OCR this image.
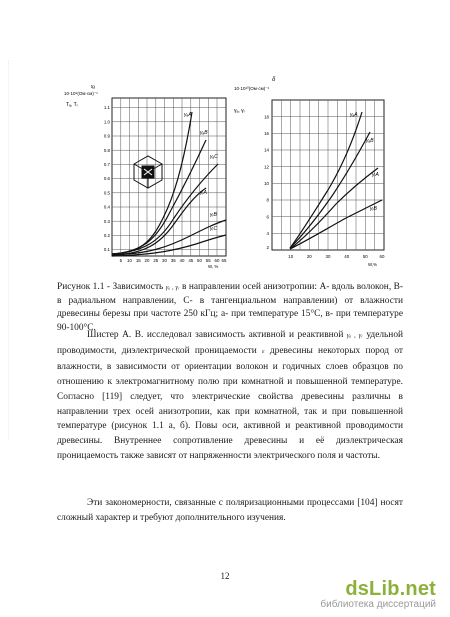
tg
10·10⁹(Ом·см)⁻¹
Tₐ, Tᵣ	1.1
1.0
0.9
0.8
0.7
0.6
0.5
0.4
0.3
0.2
0.1
5 10 15 20 25 30 35 40 45 50 55 60 65
W, %
γₐA
γₐB
γₐC
γᵣA
γᵣB
γᵣC
δ
10·10¹⁰(Ом·см)⁻¹
γₐ, γᵣ
18
16
14
12
10
8
6
4
2
10	20	30	40	50	60
W,%
γₐA
γₐB
γᵣA
γᵣB
Рисунок 1.1 - Зависимость γₐ , γᵣ в направлении осей анизотропии: А- вдоль волокон, В- в радиальном направлении, С- в тангенциальном направлении) от влажности древесины березы при частоте 250 кГц; а- при температуре 15°С, в- при температуре 90-100°С.
Шистер А. В. исследовал зависимость активной и реактивной γₐ , γᵣ удельной проводимости, диэлектрической проницаемости ε древесины некоторых пород от влажности, в зависимости от ориентации волокон и годичных слоев образцов по отношению к электромагнитному полю при комнатной и повышенной температуре. Согласно [119] следует, что электрические свойства древесины различны в направлении трех осей анизотропии, как при комнатной, так и при повышенной температуре (рисунок 1.1 а, б). Повы оси, активной и реактивной проводимости древесины. Внутреннее сопротивление древесины и её диэлектрическая проницаемость также зависят от напряженности электрического поля и частоты.
Эти закономерности, связанные с поляризационными процессами [104] носят сложный характер и требуют дополнительного изучения.
12
dsLib.net
библиотека диссертаций
